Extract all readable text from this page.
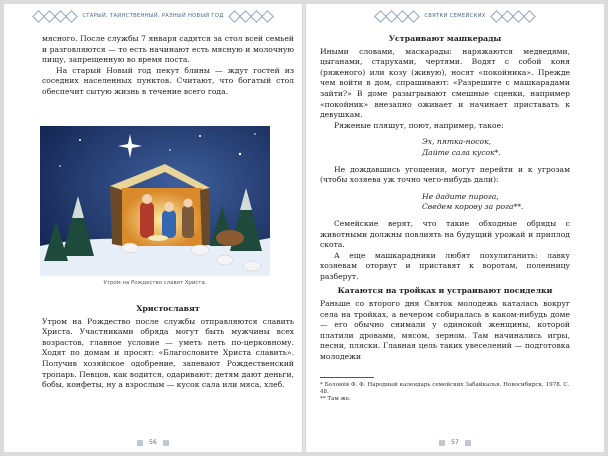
СТАРЫЙ, ТАИНСТВЕННЫЙ, РАЗНЫЙ НОВЫЙ ГОД

мясного. После службы 7 января садятся за стол всей семьей и разговляются — то есть начинают есть мясную и молочную пищу, запрещенную во время поста.

На старый Новый год пекут блины — ждут гостей из соседних населенных пунктов. Считают, что богатый стол обеспечит сытую жизнь в течение всего года.

Утром на Рождество славят Христа.

Христославят

Утром на Рождество после службы отправляются славить Христа. Участниками обряда могут быть мужчины всех возрастов, главное условие — уметь петь по-церковному. Ходят по домам и просят: «Благословите Христа славить». Получив хозяйское одобрение, запевают Рождественский тропарь. Певцов, как водится, одаривают: детям дают деньги, бобы, конфеты, ну а взрослым — кусок сала или мяса, хлеб.

56
СВЯТКИ СЕМЕЙСКИХ

Устраивают машкерады

Иными словами, маскарады: наряжаются медведями, цыганами, старухами, чертями. Водят с собой коня (ряженого) или козу (живую), носят «покойника». Прежде чем войти в дом, спрашивают: «Разрешите с машкарадами зайти?» В доме разыгрывают смешные сценки, например «покойник» внезапно оживает и начинает приставать к девушкам.

Ряженые пляшут, поют, например, такое:

Эх, пятка-носок,
Дайте сала кусок*.

Не дождавшись угощения, могут перейти и к угрозам (чтобы хозяева уж точно чего-нибудь дали):

Не дадите пирога,
Сведем корову за рога**.

Семейские верят, что такие обходные обряды с животными должны повлиять на будущий урожай и приплод скота.

А еще машкарадники любят похулиганить: лавку хозяевам оторвут и приставят к воротам, поленницу разберут.

Катаются на тройках и устраивают посиделки

Раньше со второго дня Святок молодежь каталась вокруг села на тройках, а вечером собиралась в каком-нибудь доме — его обычно снимали у одинокой женщины, которой платили дровами, мясом, зерном. Там начинались игры, песни, пляски. Главная цель таких увеселений — подготовка молодежи

* Болонёв Ф. Ф. Народный календарь семейских Забайкалья. Новосибирск, 1978. С. 48.
** Там же.
57
